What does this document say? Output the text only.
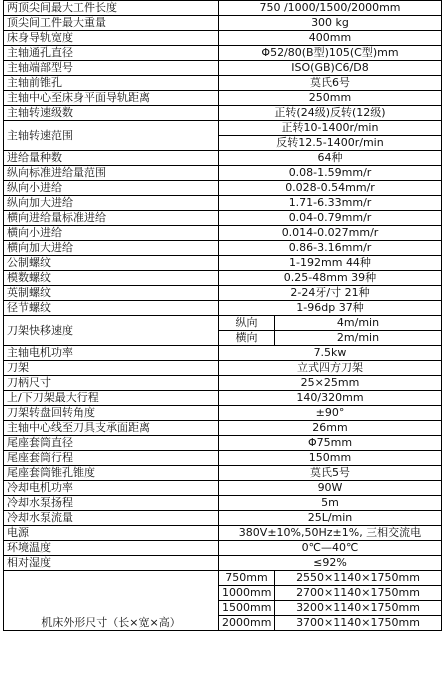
两顶尖间最大工件长度	750 /1000/1500/2000mm	
顶尖间工件最大重量	300 kg	
床身导轨宽度	400mm	
主轴通孔直径	Φ52/80(B型)105(C型)mm	
主轴端部型号	ISO(GB)C6/D8	
主轴前锥孔	莫氏6号	
主轴中心至床身平面导轨距离	250mm	
主轴转速级数	正转(24级)反转(12级)	
主轴转速范围	正转10-1400r/min	
	反转12.5-1400r/min	
进给量种数	64种	
纵向标准进给量范围	0.08-1.59mm/r	
纵向小进给	0.028-0.54mm/r	
纵向加大进给	1.71-6.33mm/r	
横向进给量标准进给	0.04-0.79mm/r	
横向小进给	0.014-0.027mm/r	
横向加大进给	0.86-3.16mm/r	
公制螺纹	1-192mm 44种	
模数螺纹	0.25-48mm 39种	
英制螺纹	2-24牙/寸 21种	
径节螺纹	1-96dp 37种	
刀架快移速度	纵向	4m/min
	横向	2m/min
主轴电机功率	7.5kw	
刀架	立式四方刀架	
刀柄尺寸	25×25mm	
上/下刀架最大行程	140/320mm	
刀架转盘回转角度	±90°	
主轴中心线至刀具支承面距离	26mm	
尾座套筒直径	Φ75mm	
尾座套筒行程	150mm	
尾座套筒锥孔锥度	莫氏5号	
冷却电机功率	90W	
冷却水泵扬程	5m	
冷却水泵流量	25L/min	
电源	380V±10%,50Hz±1%, 三相交流电	
环境温度	0℃—40℃	
相对湿度	≤92%	
机床外形尺寸（长×宽×高）	750mm	2550×1140×1750mm
	1000mm	2700×1140×1750mm
	1500mm	3200×1140×1750mm
	2000mm	3700×1140×1750mm
